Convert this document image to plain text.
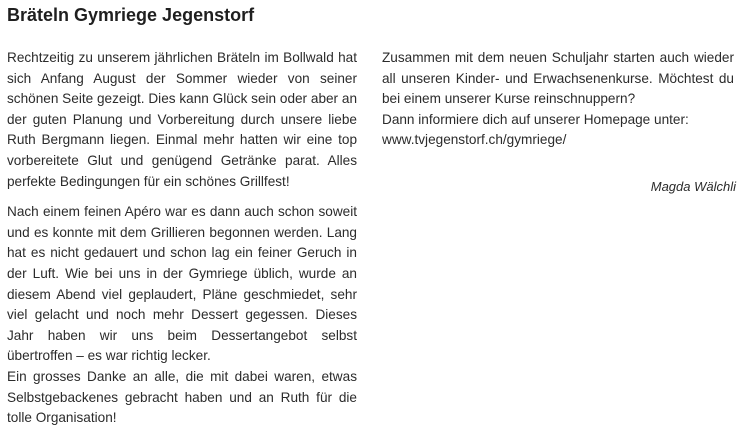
Bräteln Gymriege Jegenstorf

Rechtzeitig zu unserem jährlichen Bräteln im Bollwald hat sich Anfang August der Sommer wieder von seiner schönen Seite gezeigt. Dies kann Glück sein oder aber an der guten Planung und Vorbereitung durch unsere liebe Ruth Bergmann liegen. Einmal mehr hatten wir eine top vorbereitete Glut und genügend Getränke parat. Alles perfekte Bedingungen für ein schönes Grillfest!

Nach einem feinen Apéro war es dann auch schon soweit und es konnte mit dem Grillieren begonnen werden. Lang hat es nicht gedauert und schon lag ein feiner Geruch in der Luft. Wie bei uns in der Gymriege üblich, wurde an diesem Abend viel geplaudert, Pläne geschmiedet, sehr viel gelacht und noch mehr Dessert gegessen. Dieses Jahr haben wir uns beim Dessertangebot selbst übertroffen – es war richtig lecker.

Ein grosses Danke an alle, die mit dabei waren, etwas Selbstgebackenes gebracht haben und an Ruth für die tolle Organisation!

Zusammen mit dem neuen Schuljahr starten auch wieder all unseren Kinder- und Erwachsenenkurse. Möchtest du bei einem unserer Kurse reinschnuppern?

Dann informiere dich auf unserer Homepage unter:

www.tvjegenstorf.ch/gymriege/

Magda Wälchli
